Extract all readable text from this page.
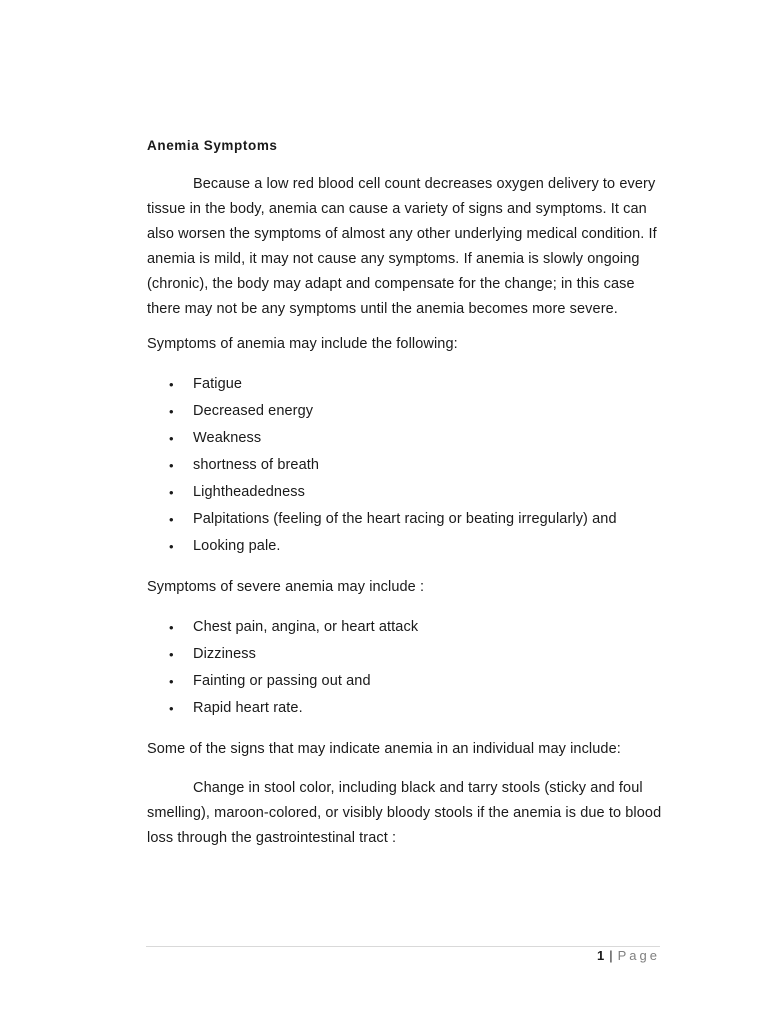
Anemia Symptoms

Because a low red blood cell count decreases oxygen delivery to every tissue in the body, anemia can cause a variety of signs and symptoms. It can also worsen the symptoms of almost any other underlying medical condition. If anemia is mild, it may not cause any symptoms. If anemia is slowly ongoing (chronic), the body may adapt and compensate for the change; in this case there may not be any symptoms until the anemia becomes more severe.

Symptoms of anemia may include the following:

• Fatigue
• Decreased energy
• Weakness
• shortness of breath
• Lightheadedness
• Palpitations (feeling of the heart racing or beating irregularly) and
• Looking pale.

Symptoms of severe anemia may include :

• Chest pain, angina, or heart attack
• Dizziness
• Fainting or passing out and
• Rapid heart rate.

Some of the signs that may indicate anemia in an individual may include:

Change in stool color, including black and tarry stools (sticky and foul smelling), maroon-colored, or visibly bloody stools if the anemia is due to blood loss through the gastrointestinal tract :

1 | Page
